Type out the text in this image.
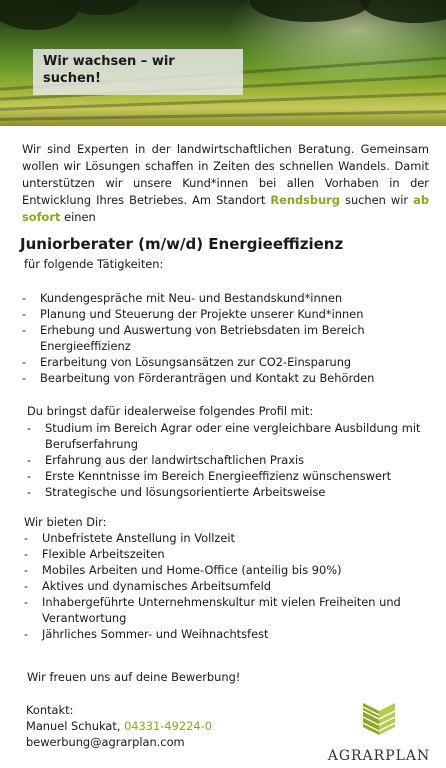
Wir wachsen – wir suchen!
Wir sind Experten in der landwirtschaftlichen Beratung. Gemeinsam wollen wir Lösungen schaffen in Zeiten des schnellen Wandels. Damit unterstützen wir unsere Kund*innen bei allen Vorhaben in der Entwicklung Ihres Betriebes. Am Standort Rendsburg suchen wir ab sofort einen
Juniorberater (m/w/d) Energieeffizienz
für folgende Tätigkeiten:
- Kundengespräche mit Neu- und Bestandskund*innen
- Planung und Steuerung der Projekte unserer Kund*innen
- Erhebung und Auswertung von Betriebsdaten im Bereich Energieeffizienz
- Erarbeitung von Lösungsansätzen zur CO2-Einsparung
- Bearbeitung von Förderanträgen und Kontakt zu Behörden
Du bringst dafür idealerweise folgendes Profil mit:
- Studium im Bereich Agrar oder eine vergleichbare Ausbildung mit Berufserfahrung
- Erfahrung aus der landwirtschaftlichen Praxis
- Erste Kenntnisse im Bereich Energieeffizienz wünschenswert
- Strategische und lösungsorientierte Arbeitsweise
Wir bieten Dir:
- Unbefristete Anstellung in Vollzeit
- Flexible Arbeitszeiten
- Mobiles Arbeiten und Home-Office (anteilig bis 90%)
- Aktives und dynamisches Arbeitsumfeld
- Inhabergeführte Unternehmenskultur mit vielen Freiheiten und Verantwortung
- Jährliches Sommer- und Weihnachtsfest
Wir freuen uns auf deine Bewerbung!
Kontakt:
Manuel Schukat, 04331-49224-0
bewerbung@agrarplan.com
AGRARPLAN
